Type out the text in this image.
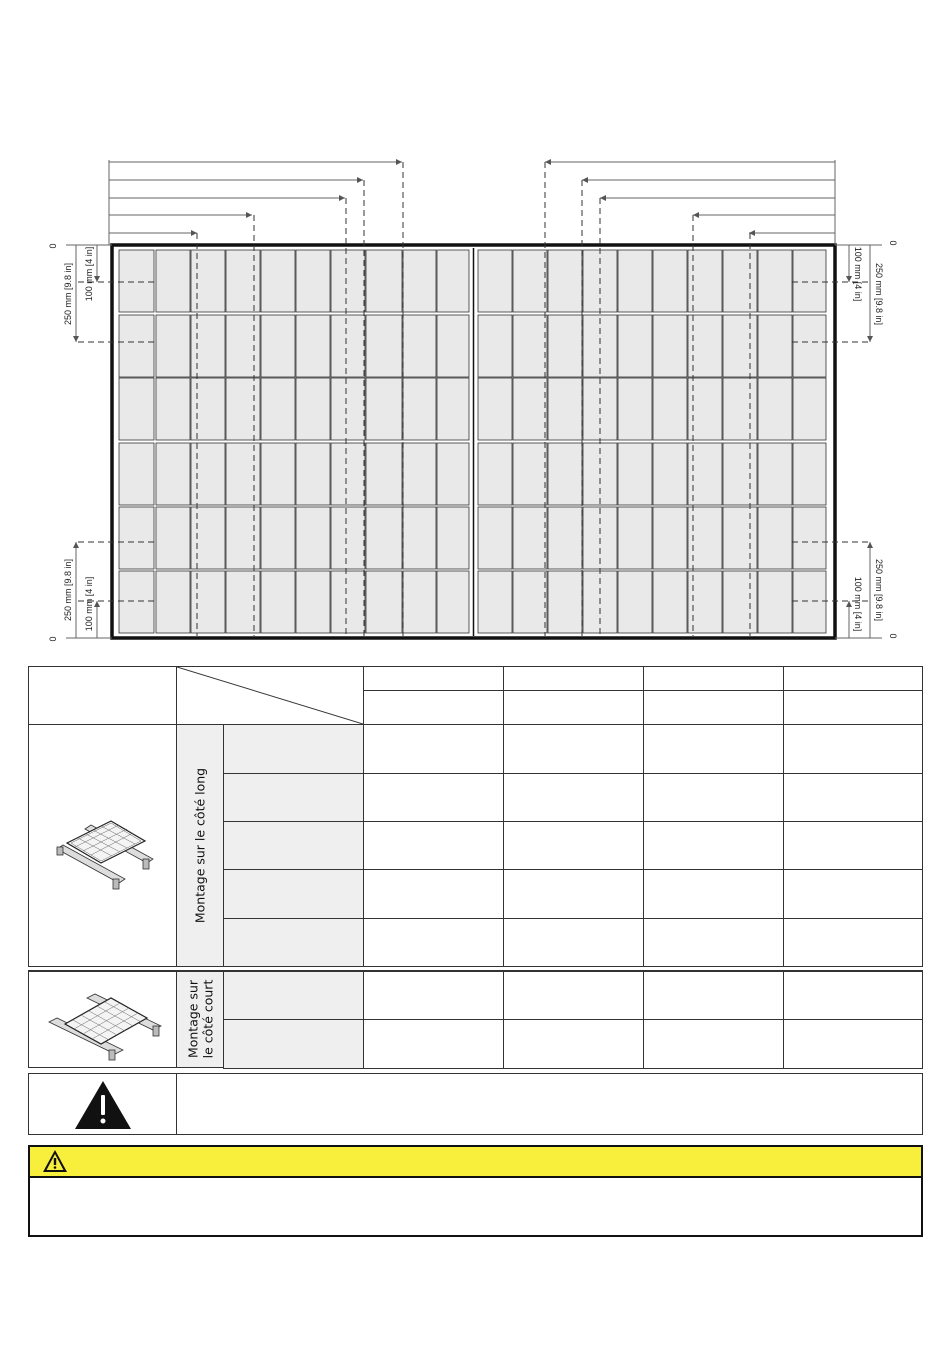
0
0
250 mm [9.8 in] 100 mm [4 in]
250 mm [9.8 in] 100 mm [4 in]
0
0
250 mm [9.8 in]
100 mm [4 in]
250 mm [9.8 in]
100 mm [4 in]
Montage sur le côté long
Montage sur le côté court
